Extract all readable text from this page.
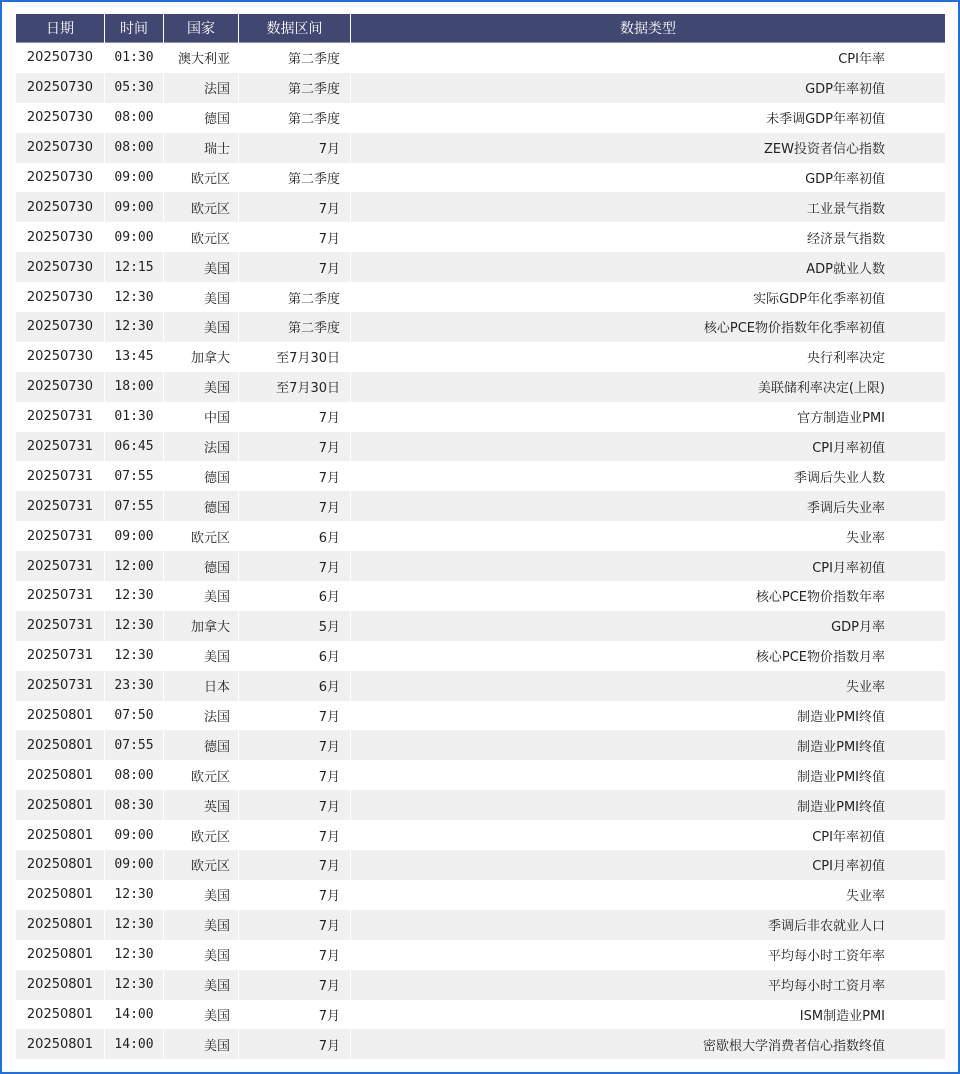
日期	时间	国家	数据区间	数据类型
20250730	01:30	澳大利亚	第二季度	CPI年率
20250730	05:30	法国	第二季度	GDP年率初值
20250730	08:00	德国	第二季度	未季调GDP年率初值
20250730	08:00	瑞士	7月	ZEW投资者信心指数
20250730	09:00	欧元区	第二季度	GDP年率初值
20250730	09:00	欧元区	7月	工业景气指数
20250730	09:00	欧元区	7月	经济景气指数
20250730	12:15	美国	7月	ADP就业人数
20250730	12:30	美国	第二季度	实际GDP年化季率初值
20250730	12:30	美国	第二季度	核心PCE物价指数年化季率初值
20250730	13:45	加拿大	至7月30日	央行利率决定
20250730	18:00	美国	至7月30日	美联储利率决定(上限)
20250731	01:30	中国	7月	官方制造业PMI
20250731	06:45	法国	7月	CPI月率初值
20250731	07:55	德国	7月	季调后失业人数
20250731	07:55	德国	7月	季调后失业率
20250731	09:00	欧元区	6月	失业率
20250731	12:00	德国	7月	CPI月率初值
20250731	12:30	美国	6月	核心PCE物价指数年率
20250731	12:30	加拿大	5月	GDP月率
20250731	12:30	美国	6月	核心PCE物价指数月率
20250731	23:30	日本	6月	失业率
20250801	07:50	法国	7月	制造业PMI终值
20250801	07:55	德国	7月	制造业PMI终值
20250801	08:00	欧元区	7月	制造业PMI终值
20250801	08:30	英国	7月	制造业PMI终值
20250801	09:00	欧元区	7月	CPI年率初值
20250801	09:00	欧元区	7月	CPI月率初值
20250801	12:30	美国	7月	失业率
20250801	12:30	美国	7月	季调后非农就业人口
20250801	12:30	美国	7月	平均每小时工资年率
20250801	12:30	美国	7月	平均每小时工资月率
20250801	14:00	美国	7月	ISM制造业PMI
20250801	14:00	美国	7月	密歇根大学消费者信心指数终值
